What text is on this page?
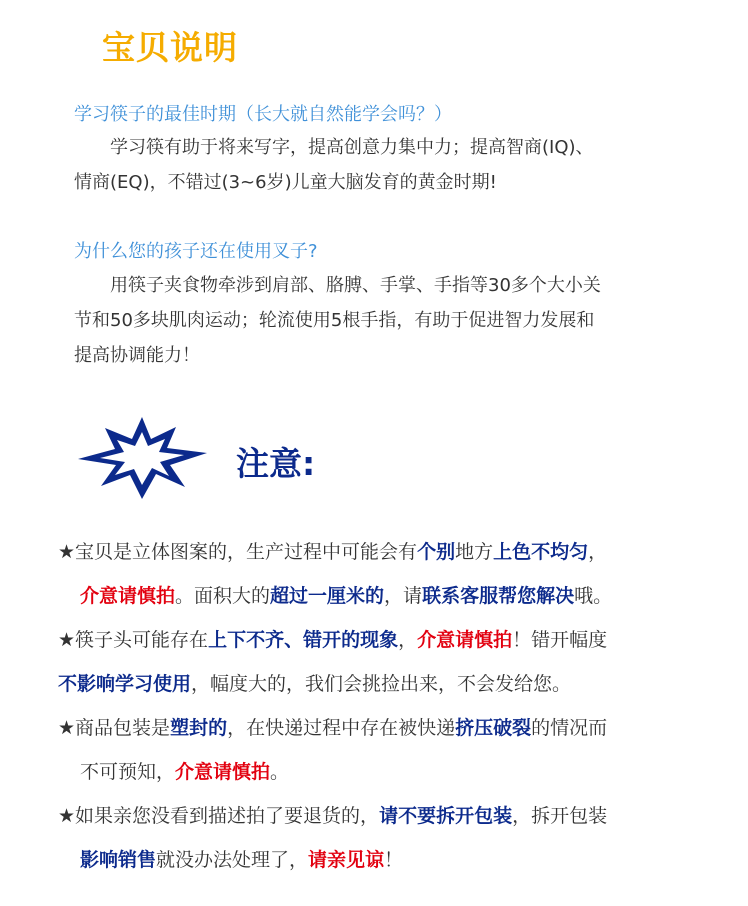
宝贝说明
学习筷子的最佳时期（长大就自然能学会吗？）
学习筷有助于将来写字，提高创意力集中力；提高智商(IQ)、
情商(EQ)，不错过(3~6岁)儿童大脑发育的黄金时期!
为什么您的孩子还在使用叉子?
用筷子夹食物牵涉到肩部、胳膊、手掌、手指等30多个大小关
节和50多块肌肉运动；轮流使用5根手指，有助于促进智力发展和
提高协调能力！
注意:
★宝贝是立体图案的，生产过程中可能会有个别地方上色不均匀，
介意请慎拍。面积大的超过一厘米的，请联系客服帮您解决哦。
★筷子头可能存在上下不齐、错开的现象，介意请慎拍！错开幅度
不影响学习使用，幅度大的，我们会挑捡出来，不会发给您。
★商品包装是塑封的，在快递过程中存在被快递挤压破裂的情况而
不可预知，介意请慎拍。
★如果亲您没看到描述拍了要退货的，请不要拆开包装，拆开包装
影响销售就没办法处理了，请亲见谅！
